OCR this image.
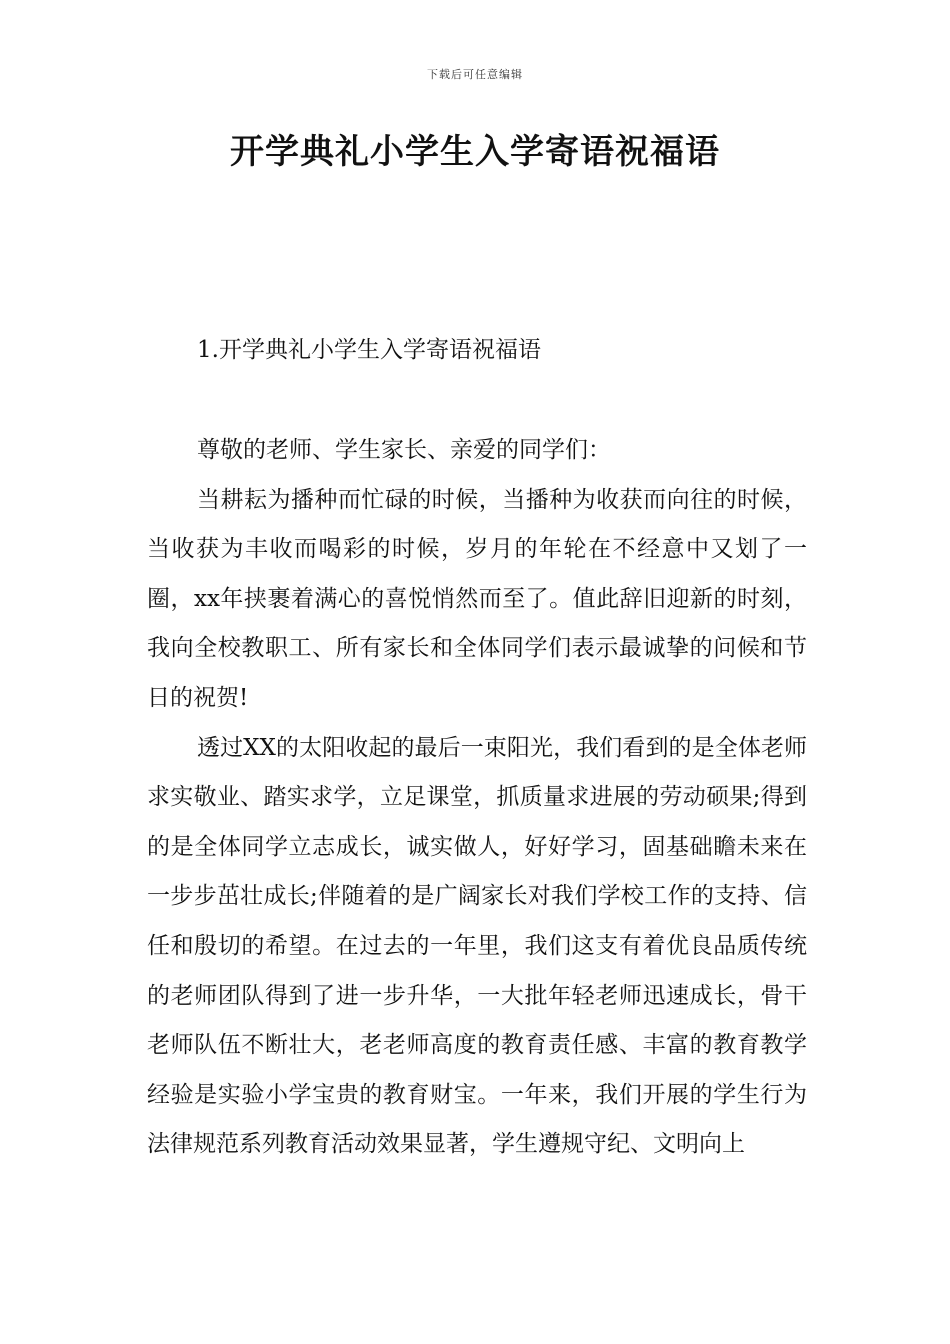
下载后可任意编辑
开学典礼小学生入学寄语祝福语
1.开学典礼小学生入学寄语祝福语

尊敬的老师、学生家长、亲爱的同学们：

当耕耘为播种而忙碌的时候，当播种为收获而向往的时候，当收获为丰收而喝彩的时候，岁月的年轮在不经意中又划了一圈，xx年挟裹着满心的喜悦悄然而至了。值此辞旧迎新的时刻，我向全校教职工、所有家长和全体同学们表示最诚挚的问候和节日的祝贺!

透过XX的太阳收起的最后一束阳光，我们看到的是全体老师求实敬业、踏实求学，立足课堂，抓质量求进展的劳动硕果;得到的是全体同学立志成长，诚实做人，好好学习，固基础瞻未来在一步步茁壮成长;伴随着的是广阔家长对我们学校工作的支持、信任和殷切的希望。在过去的一年里，我们这支有着优良品质传统的老师团队得到了进一步升华，一大批年轻老师迅速成长，骨干老师队伍不断壮大，老老师高度的教育责任感、丰富的教育教学经验是实验小学宝贵的教育财宝。一年来，我们开展的学生行为法律规范系列教育活动效果显著，学生遵规守纪、文明向上
